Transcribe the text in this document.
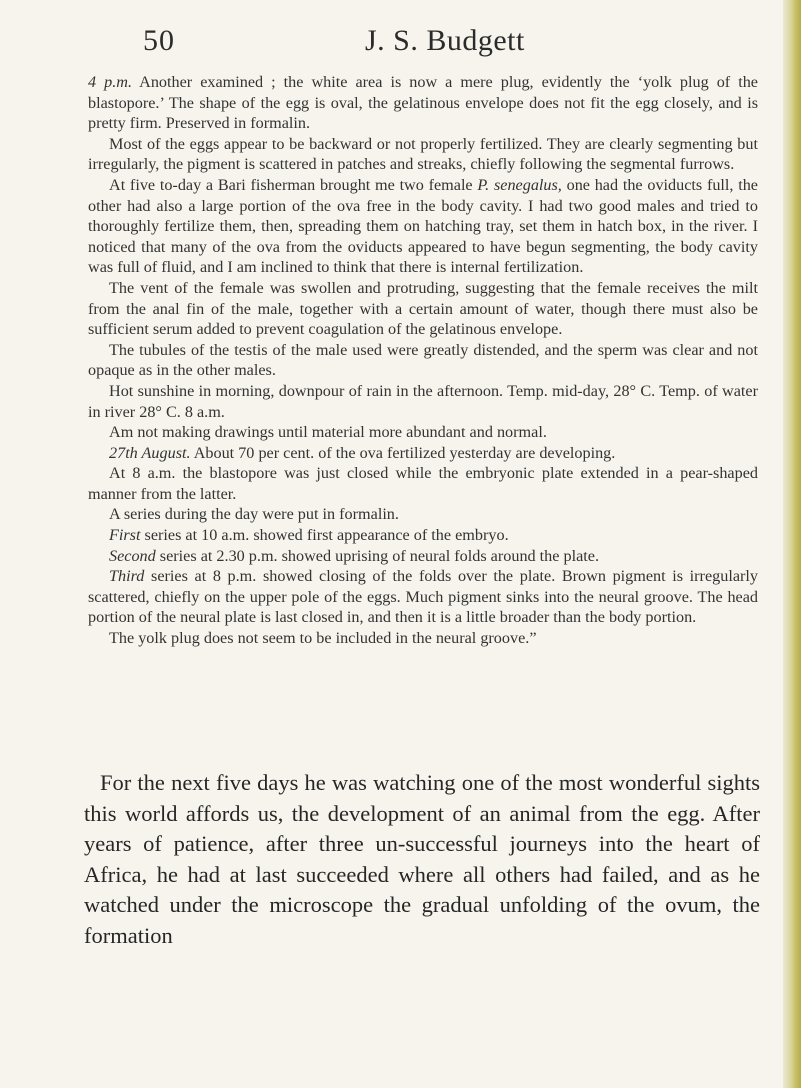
50	J. S. Budgett

4 p.m. Another examined ; the white area is now a mere plug, evidently the ‘yolk plug of the blastopore.’ The shape of the egg is oval, the gelatinous envelope does not fit the egg closely, and is pretty firm. Preserved in formalin.

Most of the eggs appear to be backward or not properly fertilized. They are clearly segmenting but irregularly, the pigment is scattered in patches and streaks, chiefly following the segmental furrows.

At five to-day a Bari fisherman brought me two female P. senegalus, one had the oviducts full, the other had also a large portion of the ova free in the body cavity. I had two good males and tried to thoroughly fertilize them, then, spreading them on hatching tray, set them in hatch box, in the river. I noticed that many of the ova from the oviducts appeared to have begun segmenting, the body cavity was full of fluid, and I am inclined to think that there is internal fertilization.

The vent of the female was swollen and protruding, suggesting that the female receives the milt from the anal fin of the male, together with a certain amount of water, though there must also be sufficient serum added to prevent coagulation of the gelatinous envelope.

The tubules of the testis of the male used were greatly distended, and the sperm was clear and not opaque as in the other males.

Hot sunshine in morning, downpour of rain in the afternoon. Temp. mid-day, 28° C. Temp. of water in river 28° C. 8 a.m.

Am not making drawings until material more abundant and normal.

27th August. About 70 per cent. of the ova fertilized yesterday are developing.

At 8 a.m. the blastopore was just closed while the embryonic plate extended in a pear-shaped manner from the latter.

A series during the day were put in formalin.

First series at 10 a.m. showed first appearance of the embryo.

Second series at 2.30 p.m. showed uprising of neural folds around the plate.

Third series at 8 p.m. showed closing of the folds over the plate. Brown pigment is irregularly scattered, chiefly on the upper pole of the eggs. Much pigment sinks into the neural groove. The head portion of the neural plate is last closed in, and then it is a little broader than the body portion.

The yolk plug does not seem to be included in the neural groove.”

For the next five days he was watching one of the most wonderful sights this world affords us, the development of an animal from the egg. After years of patience, after three un-successful journeys into the heart of Africa, he had at last succeeded where all others had failed, and as he watched under the microscope the gradual unfolding of the ovum, the formation
